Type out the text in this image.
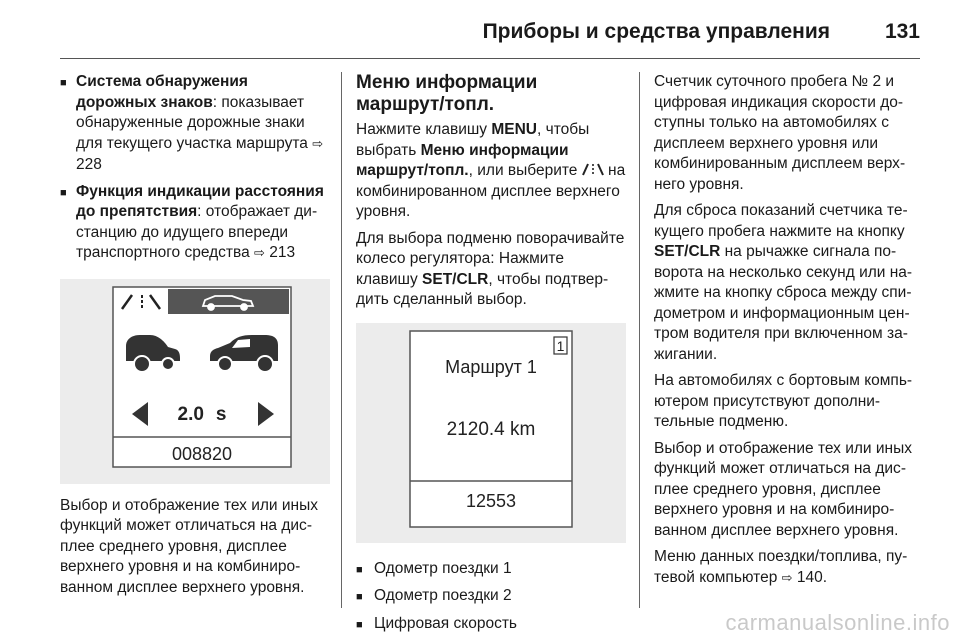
Приборы и средства управления	131
■ Система обнаружения дорожных знаков: показывает обнаруженные дорожные знаки для текущего участка маршрута ⇨ 228
■ Функция индикации расстояния до препятствия: отображает дистанцию до идущего впереди транспортного средства ⇨ 213
2.0 s
008820

Выбор и отображение тех или иных функций может отличаться на дисплее среднего уровня, дисплее верхнего уровня и на комбинированном дисплее верхнего уровня.

Меню информации маршрут/топл.

Нажмите клавишу MENU, чтобы выбрать Меню информации маршрут/топл., или выберите  на комбинированном дисплее верхнего уровня.

Для выбора подменю поворачивайте колесо регулятора: Нажмите клавишу SET/CLR, чтобы подтвердить сделанный выбор.

1
Маршрут 1
2120.4 km
12553
■ Одометр поездки 1
■ Одометр поездки 2
■ Цифровая скорость

Счетчик суточного пробега № 2 и цифровая индикация скорости доступны только на автомобилях с дисплеем верхнего уровня или комбинированным дисплеем верхнего уровня.

Для сброса показаний счетчика текущего пробега нажмите на кнопку SET/CLR на рычажке сигнала поворота на несколько секунд или нажмите на кнопку сброса между спидометром и информационным центром водителя при включенном зажигании.

На автомобилях с бортовым компьютером присутствуют дополнительные подменю.

Выбор и отображение тех или иных функций может отличаться на дисплее среднего уровня, дисплее верхнего уровня и на комбинированном дисплее верхнего уровня.

Меню данных поездки/топлива, путевой компьютер ⇨ 140.

carmanualsonline.info
